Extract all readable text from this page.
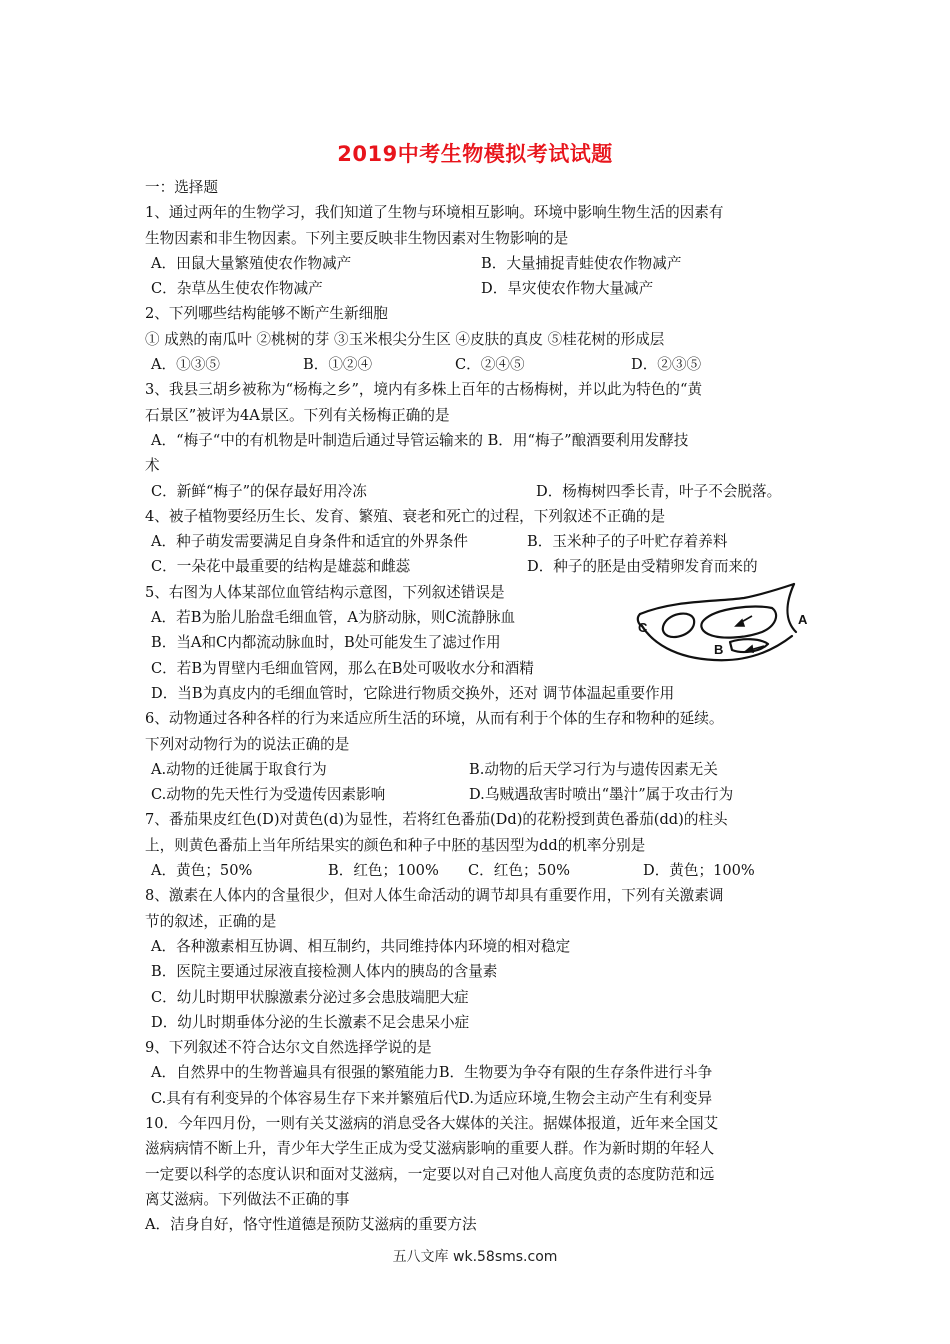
2019中考生物模拟考试试题
一：选择题
1、通过两年的生物学习，我们知道了生物与环境相互影响。环境中影响生物生活的因素有
生物因素和非生物因素。下列主要反映非生物因素对生物影响的是
A．田鼠大量繁殖使农作物减产	B．大量捕捉青蛙使农作物减产
C．杂草丛生使农作物减产	D．旱灾使农作物大量减产
2、下列哪些结构能够不断产生新细胞
① 成熟的南瓜叶 ②桃树的芽 ③玉米根尖分生区 ④皮肤的真皮 ⑤桂花树的形成层
A．①③⑤	B．①②④	C．②④⑤	D．②③⑤
3、我县三胡乡被称为“杨梅之乡”，境内有多株上百年的古杨梅树，并以此为特色的“黄
石景区”被评为4A景区。下列有关杨梅正确的是
A．“梅子“中的有机物是叶制造后通过导管运输来的 B．用“梅子”酿酒要利用发酵技
术
C．新鲜“梅子”的保存最好用冷冻	D．杨梅树四季长青，叶子不会脱落。
4、被子植物要经历生长、发育、繁殖、衰老和死亡的过程，下列叙述不正确的是
A．种子萌发需要满足自身条件和适宜的外界条件	B．玉米种子的子叶贮存着养料
C．一朵花中最重要的结构是雄蕊和雌蕊	D．种子的胚是由受精卵发育而来的
5、右图为人体某部位血管结构示意图，下列叙述错误是
A．若B为胎儿胎盘毛细血管，A为脐动脉，则C流静脉血
B．当A和C内都流动脉血时，B处可能发生了滤过作用
C．若B为胃壁内毛细血管网，那么在B处可吸收水分和酒精
D．当B为真皮内的毛细血管时，它除进行物质交换外，还对 调节体温起重要作用
6、动物通过各种各样的行为来适应所生活的环境，从而有利于个体的生存和物种的延续。
下列对动物行为的说法正确的是
A.动物的迁徙属于取食行为	B.动物的后天学习行为与遗传因素无关
C.动物的先天性行为受遗传因素影响	D.乌贼遇敌害时喷出“墨汁”属于攻击行为
7、番茄果皮红色(D)对黄色(d)为显性，若将红色番茄(Dd)的花粉授到黄色番茄(dd)的柱头
上，则黄色番茄上当年所结果实的颜色和种子中胚的基因型为dd的机率分别是
A．黄色；50%	B．红色；100%	C．红色；50%	D．黄色；100%
8、激素在人体内的含量很少，但对人体生命活动的调节却具有重要作用，下列有关激素调
节的叙述，正确的是
A．各种激素相互协调、相互制约，共同维持体内环境的相对稳定
B．医院主要通过尿液直接检测人体内的胰岛的含量素
C．幼儿时期甲状腺激素分泌过多会患肢端肥大症
D．幼儿时期垂体分泌的生长激素不足会患呆小症
9、下列叙述不符合达尔文自然选择学说的是
A．自然界中的生物普遍具有很强的繁殖能力B．生物要为争夺有限的生存条件进行斗争
C.具有有利变异的个体容易生存下来并繁殖后代D.为适应环境,生物会主动产生有利变异
10．今年四月份，一则有关艾滋病的消息受各大媒体的关注。据媒体报道，近年来全国艾
滋病病情不断上升，青少年大学生正成为受艾滋病影响的重要人群。作为新时期的年轻人
一定要以科学的态度认识和面对艾滋病，一定要以对自己对他人高度负责的态度防范和远
离艾滋病。下列做法不正确的事
A．洁身自好，恪守性道德是预防艾滋病的重要方法
A
B
C
五八文库 wk.58sms.com
